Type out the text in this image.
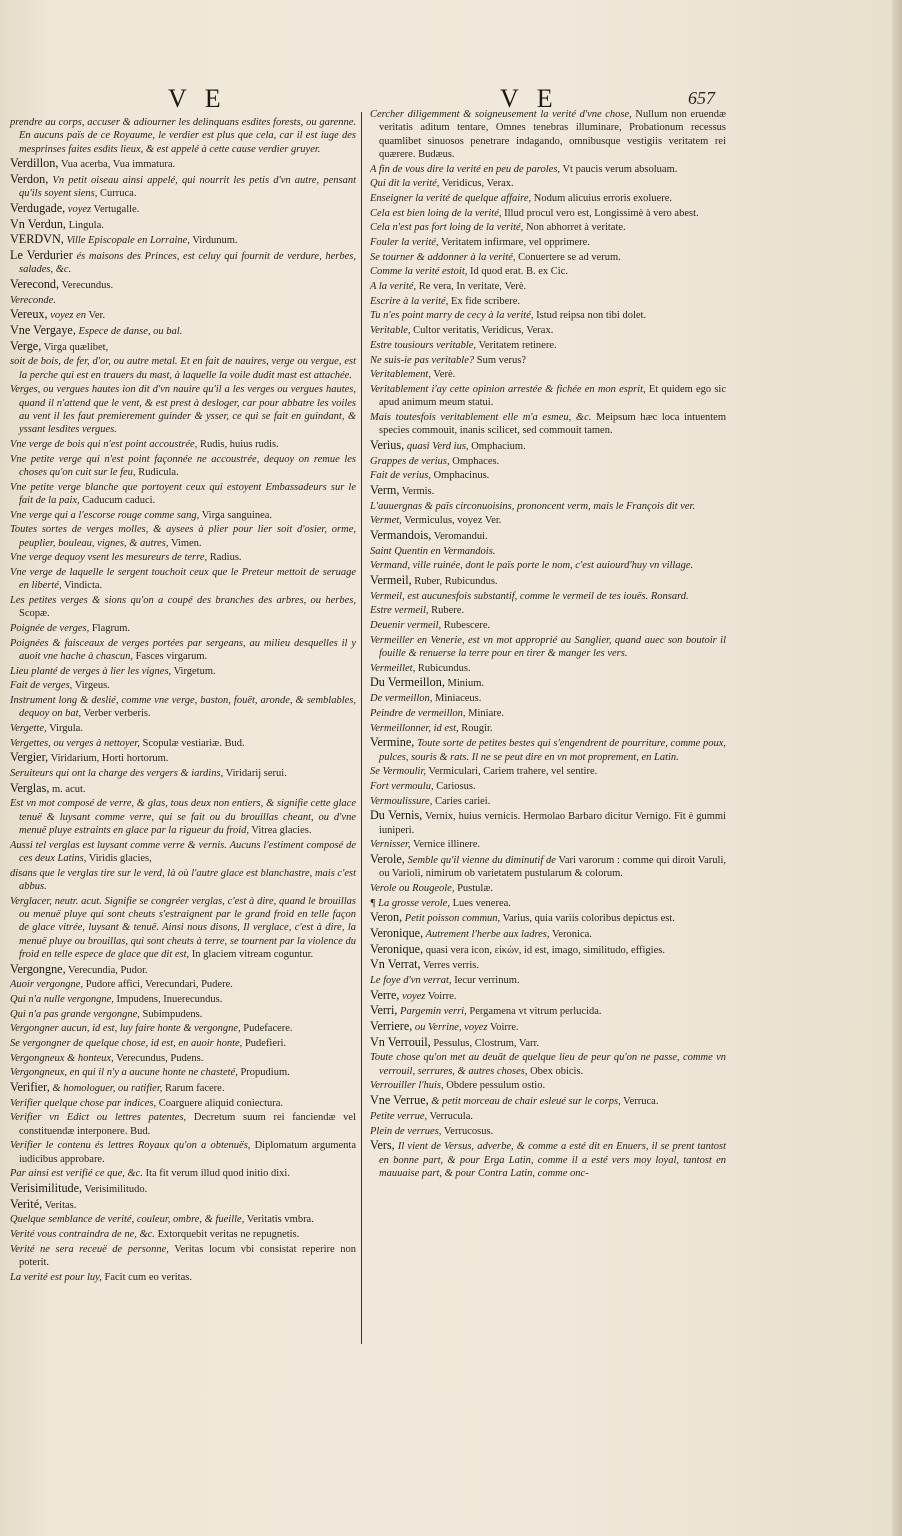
V E	V E	657
prendre au corps, accuser & adiourner les delinquans esdites forests, ou garenne. En aucuns païs de ce Royaume, le verdier est plus que cela, car il est iuge des mesprinses faites esdits lieux, & est appelé à cette cause verdier gruyer.
Verdillon, Vua acerba, Vua immatura.
Verdon, Vn petit oiseau ainsi appelé, qui nourrit les petis d'vn autre, pensant qu'ils soyent siens, Curruca.
Verdugade, voyez Vertugalle.
Vn Verdun, Lingula.
VERDVN, Ville Episcopale en Lorraine, Virdunum.
Le Verdurier és maisons des Princes, est celuy qui fournit de verdure, herbes, salades, &c.
Verecond, Verecundus.
Vereconde.
Vereux, voyez en Ver.
Vne Vergaye, Espece de danse, ou bal.
Verge, Virga quælibet,
soit de bois, de fer, d'or, ou autre metal. Et en fait de nauires, verge ou vergue, est la perche qui est en trauers du mast, à laquelle la voile dudit mast est attachée.
Verges, ou vergues hautes ion dit d'vn nauire qu'il a les verges ou vergues hautes, quand il n'attend que le vent, & est prest à desloger, car pour abbatre les voiles au vent il les faut premierement guinder & ysser, ce qui se fait en guindant, & yssant lesdites vergues.
Vne verge de bois qui n'est point accoustrée, Rudis, huius rudis.
Vne petite verge qui n'est point façonnée ne accoustrée, dequoy on remue les choses qu'on cuit sur le feu, Rudicula.
Vne petite verge blanche que portoyent ceux qui estoyent Embassadeurs sur le fait de la paix, Caducum caduci.
Vne verge qui a l'escorse rouge comme sang, Virga sanguinea.
Toutes sortes de verges molles, & aysees à plier pour lier soit d'osier, orme, peuplier, bouleau, vignes, & autres, Vimen.
Vne verge dequoy vsent les mesureurs de terre, Radius.
Vne verge de laquelle le sergent touchoit ceux que le Preteur mettoit de seruage en liberté, Vindicta.
Les petites verges & sions qu'on a coupé des branches des arbres, ou herbes, Scopæ.
Poignée de verges, Flagrum.
Poignées & faisceaux de verges portées par sergeans, au milieu desquelles il y auoit vne hache à chascun, Fasces virgarum.
Lieu planté de verges à lier les vignes, Virgetum.
Fait de verges, Virgeus.
Instrument long & deslié, comme vne verge, baston, fouët, aronde, & semblables, dequoy on bat, Verber verberis.
Vergette, Virgula.
Vergettes, ou verges à nettoyer, Scopulæ vestiariæ. Bud.
Vergier, Viridarium, Horti hortorum.
Seruiteurs qui ont la charge des vergers & iardins, Viridarij serui.
Verglas, m. acut.
Est vn mot composé de verre, & glas, tous deux non entiers, & signifie cette glace tenuë & luysant comme verre, qui se fait ou du brouillas cheant, ou d'vne menuë pluye estraints en glace par la rigueur du froid, Vitrea glacies.
Aussi tel verglas est luysant comme verre & vernis. Aucuns l'estiment composé de ces deux Latins, Viridis glacies,
disans que le verglas tire sur le verd, là où l'autre glace est blanchastre, mais c'est abbus.
Verglacer, neutr. acut. Signifie se congréer verglas, c'est à dire, quand le brouillas ou menuë pluye qui sont cheuts s'estraignent par le grand froid en telle façon de glace vitrée, luysant & tenuë. Ainsi nous disons, Il verglace, c'est à dire, la menuë pluye ou brouillas, qui sont cheuts à terre, se tournent par la violence du froid en telle espece de glace que dit est, In glaciem vitream coguntur.
Vergongne, Verecundia, Pudor.
Auoir vergongne, Pudore affici, Verecundari, Pudere.
Qui n'a nulle vergongne, Impudens, Inuerecundus.
Qui n'a pas grande vergongne, Subimpudens.
Vergongner aucun, id est, luy faire honte & vergongne, Pudefacere.
Se vergongner de quelque chose, id est, en auoir honte, Pudefieri.
Vergongneux & honteux, Verecundus, Pudens.
Vergongneux, en qui il n'y a aucune honte ne chasteté, Propudium.
Verifier, & homologuer, ou ratifier, Rarum facere.
Verifier quelque chose par indices, Coarguere aliquid coniectura.
Verifier vn Edict ou lettres patentes, Decretum suum rei fanciendæ vel constituendæ interponere. Bud.
Verifier le contenu és lettres Royaux qu'on a obtenuës, Diplomatum argumenta iudicibus approbare.
Par ainsi est verifié ce que, &c. Ita fit verum illud quod initio dixi.
Verisimilitude, Verisimilitudo.
Verité, Veritas.
Quelque semblance de verité, couleur, ombre, & fueille, Veritatis vmbra.
Verité vous contraindra de ne, &c. Extorquebit veritas ne repugnetis.
Verité ne sera receuë de personne, Veritas locum vbi consistat reperire non poterit.
La verité est pour luy, Facit cum eo veritas.
Cercher diligemment & soigneusement la verité d'vne chose, Nullum non eruendæ veritatis aditum tentare, Omnes tenebras illuminare, Probationum recessus quamlibet sinuosos penetrare indagando, omnibusque vestigiis veritatem rei quærere. Budæus.
A fin de vous dire la verité en peu de paroles, Vt paucis verum absoluam.
Qui dit la verité, Veridicus, Verax.
Enseigner la verité de quelque affaire, Nodum alicuius erroris exoluere.
Cela est bien loing de la verité, Illud procul vero est, Longissimè à vero abest.
Cela n'est pas fort loing de la verité, Non abhorret à veritate.
Fouler la verité, Veritatem infirmare, vel opprimere.
Se tourner & addonner à la verité, Conuertere se ad verum.
Comme la verité estoit, Id quod erat. B. ex Cic.
A la verité, Re vera, In veritate, Verè.
Escrire à la verité, Ex fide scribere.
Tu n'es point marry de cecy à la verité, Istud reipsa non tibi dolet.
Veritable, Cultor veritatis, Veridicus, Verax.
Estre tousiours veritable, Veritatem retinere.
Ne suis-ie pas veritable? Sum verus?
Veritablement, Verè.
Veritablement i'ay cette opinion arrestée & fichée en mon esprit, Et quidem ego sic apud animum meum statui.
Mais toutesfois veritablement elle m'a esmeu, &c. Meipsum hæc loca intuentem species commouit, inanis scilicet, sed commouit tamen.
Verius, quasi Verd ius, Omphacium.
Grappes de verius, Omphaces.
Fait de verius, Omphacinus.
Verm, Vermis.
L'auuergnas & païs circonuoisins, prononcent verm, mais le François dit ver.
Vermet, Vermiculus, voyez Ver.
Vermandois, Veromandui.
Saint Quentin en Vermandois.
Vermand, ville ruinée, dont le païs porte le nom, c'est auiourd'huy vn village.
Vermeil, Ruber, Rubicundus.
Vermeil, est aucunesfois substantif, comme le vermeil de tes iouës. Ronsard.
Estre vermeil, Rubere.
Deuenir vermeil, Rubescere.
Vermeiller en Venerie, est vn mot approprié au Sanglier, quand auec son boutoir il fouille & renuerse la terre pour en tirer & manger les vers.
Vermeillet, Rubicundus.
Du Vermeillon, Minium.
De vermeillon, Miniaceus.
Peindre de vermeillon, Miniare.
Vermeillonner, id est, Rougir.
Vermine, Toute sorte de petites bestes qui s'engendrent de pourriture, comme poux, pulces, souris & rats. Il ne se peut dire en vn mot proprement, en Latin.
Se Vermoulir, Vermiculari, Cariem trahere, vel sentire.
Fort vermoulu, Cariosus.
Vermoulissure, Caries cariei.
Du Vernis, Vernix, huius vernicis. Hermolao Barbaro dicitur Vernigo. Fit è gummi iuniperi.
Vernisser, Vernice illinere.
Verole, Semble qu'il vienne du diminutif de Vari varorum : comme qui diroit Varuli, ou Varioli, nimirum ob varietatem pustularum & colorum.
Verole ou Rougeole, Pustulæ.
¶ La grosse verole, Lues venerea.
Veron, Petit poisson commun, Varius, quia variis coloribus depictus est.
Veronique, Autrement l'herbe aux ladres, Veronica.
Veronique, quasi vera icon, εἰκὼν, id est, imago, similitudo, effigies.
Vn Verrat, Verres verris.
Le foye d'vn verrat, Iecur verrinum.
Verre, voyez Voirre.
Verri, Pargemin verri, Pergamena vt vitrum perlucida.
Verriere, ou Verrine, voyez Voirre.
Vn Verrouil, Pessulus, Clostrum, Varr.
Toute chose qu'on met au deuāt de quelque lieu de peur qu'on ne passe, comme vn verrouil, serrures, & autres choses, Obex obicis.
Verrouiller l'huis, Obdere pessulum ostio.
Vne Verrue, & petit morceau de chair esleué sur le corps, Verruca.
Petite verrue, Verrucula.
Plein de verrues, Verrucosus.
Vers, Il vient de Versus, adverbe, & comme a esté dit en Enuers, il se prent tantost en bonne part, & pour Erga Latin, comme il a esté vers moy loyal, tantost en mauuaise part, & pour Contra Latin, comme onc-
